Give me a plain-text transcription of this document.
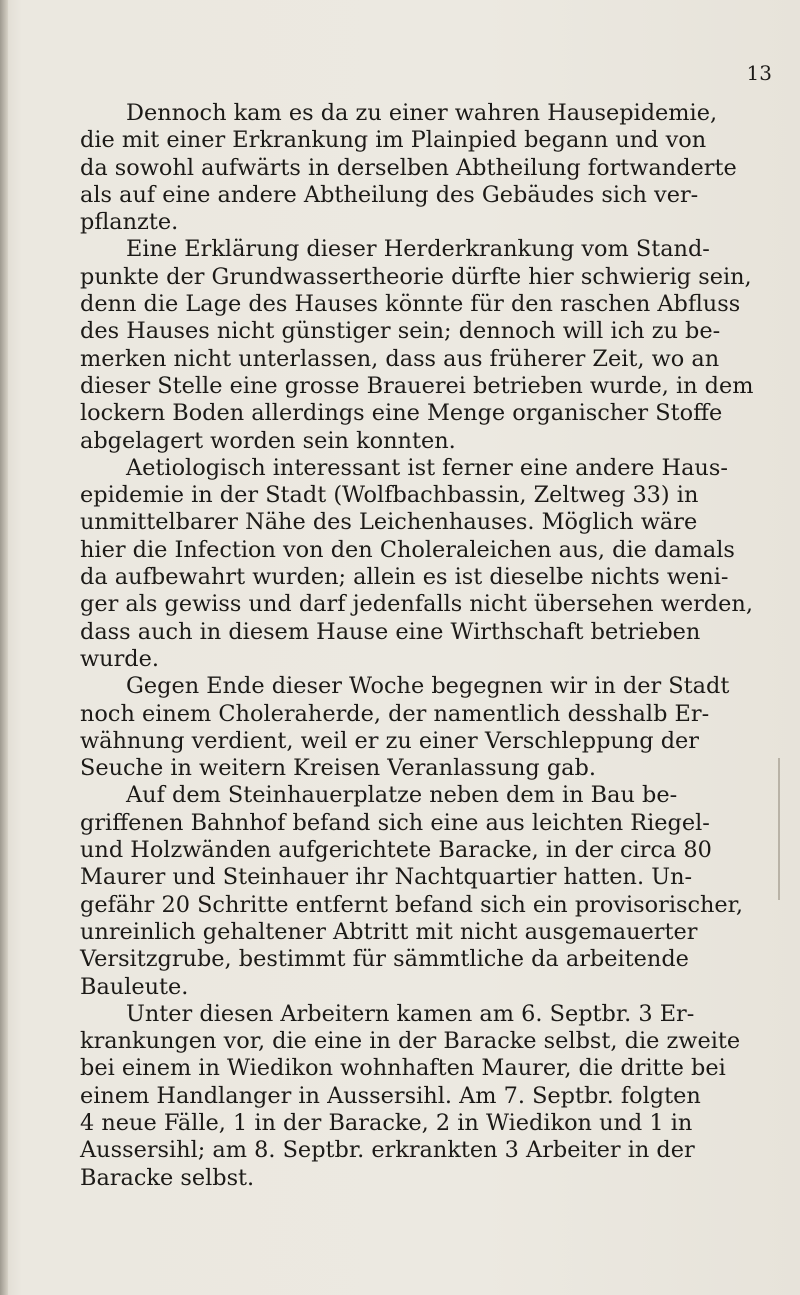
13
Dennoch kam es da zu einer wahren Hausepidemie,
die mit einer Erkrankung im Plainpied begann und von
da sowohl aufwärts in derselben Abtheilung fortwanderte
als auf eine andere Abtheilung des Gebäudes sich ver-
pflanzte.
Eine Erklärung dieser Herderkrankung vom Stand-
punkte der Grundwassertheorie dürfte hier schwierig sein,
denn die Lage des Hauses könnte für den raschen Abfluss
des Hauses nicht günstiger sein; dennoch will ich zu be-
merken nicht unterlassen, dass aus früherer Zeit, wo an
dieser Stelle eine grosse Brauerei betrieben wurde, in dem
lockern Boden allerdings eine Menge organischer Stoffe
abgelagert worden sein konnten.
Aetiologisch interessant ist ferner eine andere Haus-
epidemie in der Stadt (Wolfbachbassin, Zeltweg 33) in
unmittelbarer Nähe des Leichenhauses. Möglich wäre
hier die Infection von den Choleraleichen aus, die damals
da aufbewahrt wurden; allein es ist dieselbe nichts weni-
ger als gewiss und darf jedenfalls nicht übersehen werden,
dass auch in diesem Hause eine Wirthschaft betrieben
wurde.
Gegen Ende dieser Woche begegnen wir in der Stadt
noch einem Choleraherde, der namentlich desshalb Er-
wähnung verdient, weil er zu einer Verschleppung der
Seuche in weitern Kreisen Veranlassung gab.
Auf dem Steinhauerplatze neben dem in Bau be-
griffenen Bahnhof befand sich eine aus leichten Riegel-
und Holzwänden aufgerichtete Baracke, in der circa 80
Maurer und Steinhauer ihr Nachtquartier hatten. Un-
gefähr 20 Schritte entfernt befand sich ein provisorischer,
unreinlich gehaltener Abtritt mit nicht ausgemauerter
Versitzgrube, bestimmt für sämmtliche da arbeitende
Bauleute.
Unter diesen Arbeitern kamen am 6. Septbr. 3 Er-
krankungen vor, die eine in der Baracke selbst, die zweite
bei einem in Wiedikon wohnhaften Maurer, die dritte bei
einem Handlanger in Aussersihl. Am 7. Septbr. folgten
4 neue Fälle, 1 in der Baracke, 2 in Wiedikon und 1 in
Aussersihl; am 8. Septbr. erkrankten 3 Arbeiter in der
Baracke selbst.
